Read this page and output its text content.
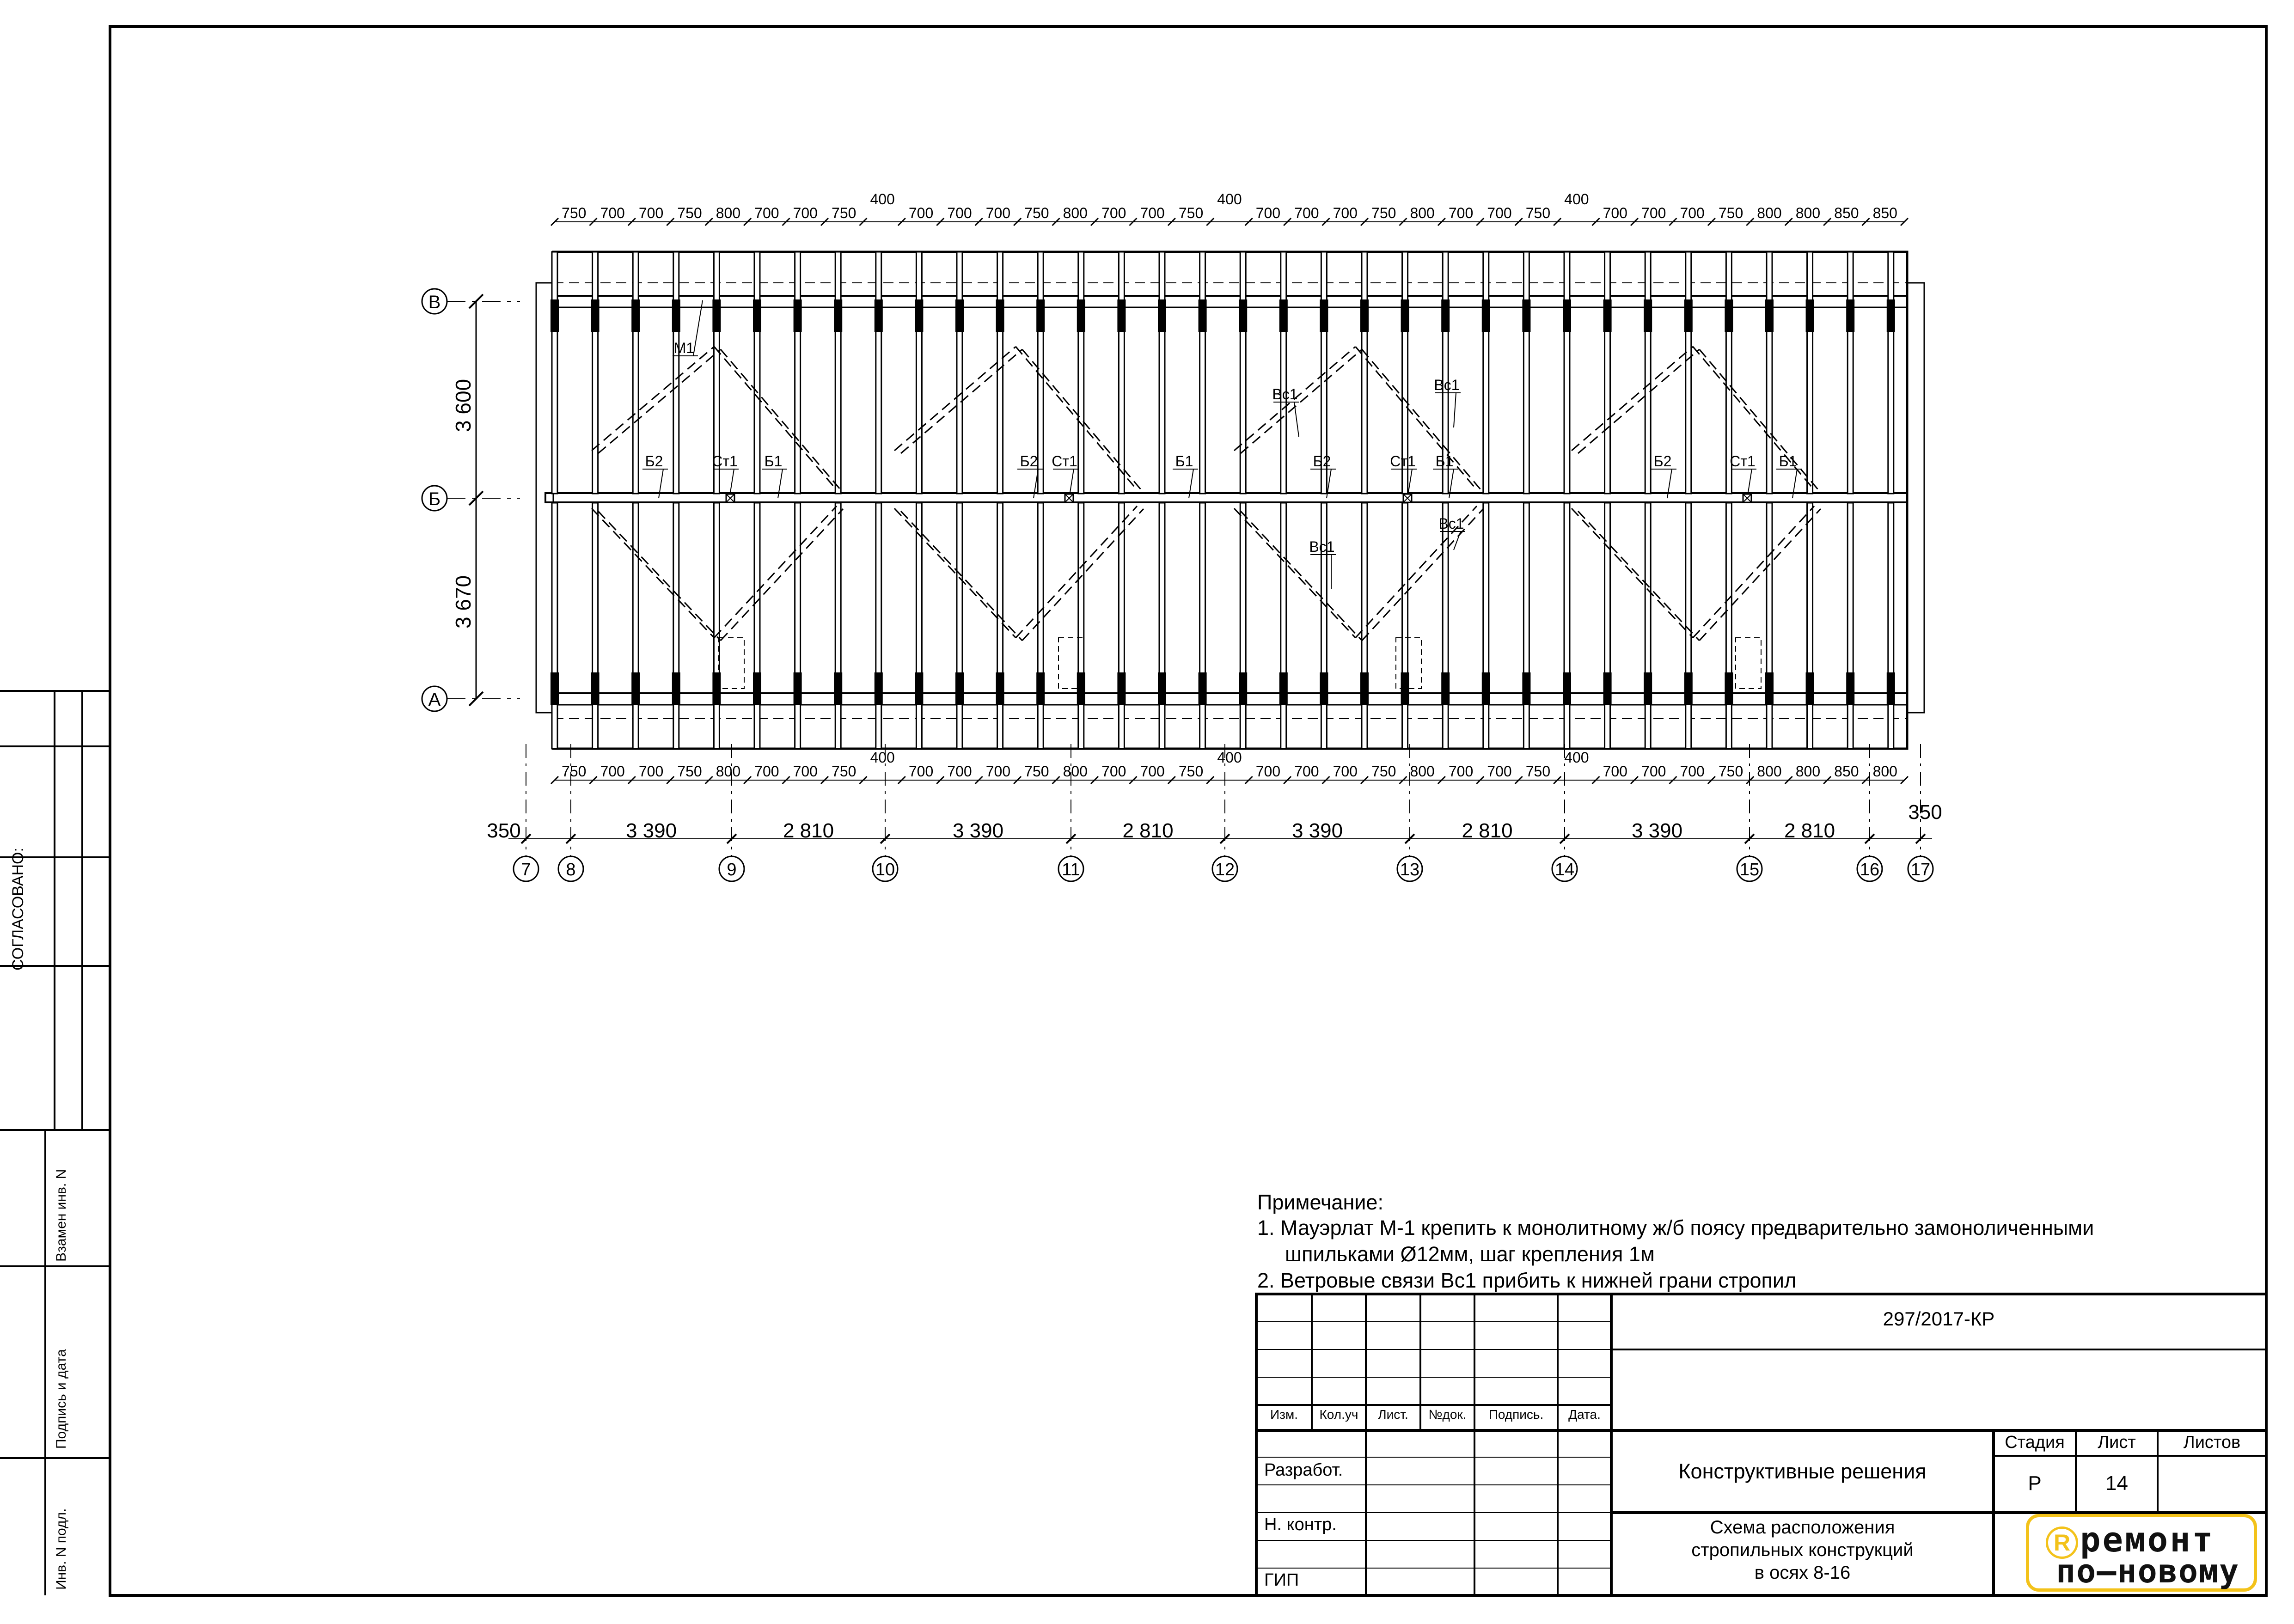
СОГЛАСОВАНО:
Взамен инв. N
Подпись и дата
Инв. N подл.
В
Б
А
7 8	9	10	11	12	13	14	15	16 17
750 700 700 750 800 700 700 750
400
700 700 700 750 800 700 700 750
400
700 700 700 750 800 700 700 750
400
700 700 700 750 800 800 850 850
750 700 700 750 800 700 700 750
400
700 700 700 750 800 700 700 750
400
700 700 700 750 800 700 700 750
400
700 700 700 750 800 800 850 800
350	3 390	2 810	3 390	2 810	3 390	2 810	3 390	2 810
350
М1
Б2	Ст1 Б1	Б2 Ст1	Б1	Б2	Ст1 Б1	Б2	Ст1 Б1
Вс1
Вс1
Вс1
Вс1
3 600
3 670
Примечание:
1. Мауэрлат М-1 крепить к монолитному ж/б поясу предварительно замоноличенными
шпильками Ø12мм, шаг крепления 1м
2. Ветровые связи Вс1 прибить к нижней грани стропил
297/2017-КР
Изм.	Кол.уч	Лист.	№док.	Подпись.	Дата.
Разработ.
Н. контр.
ГИП
Конструктивные решения
Схема расположения
стропильных конструкций
в осях 8-16
Стадия	Лист	Листов
Р	14
R ремонт
по—новому
